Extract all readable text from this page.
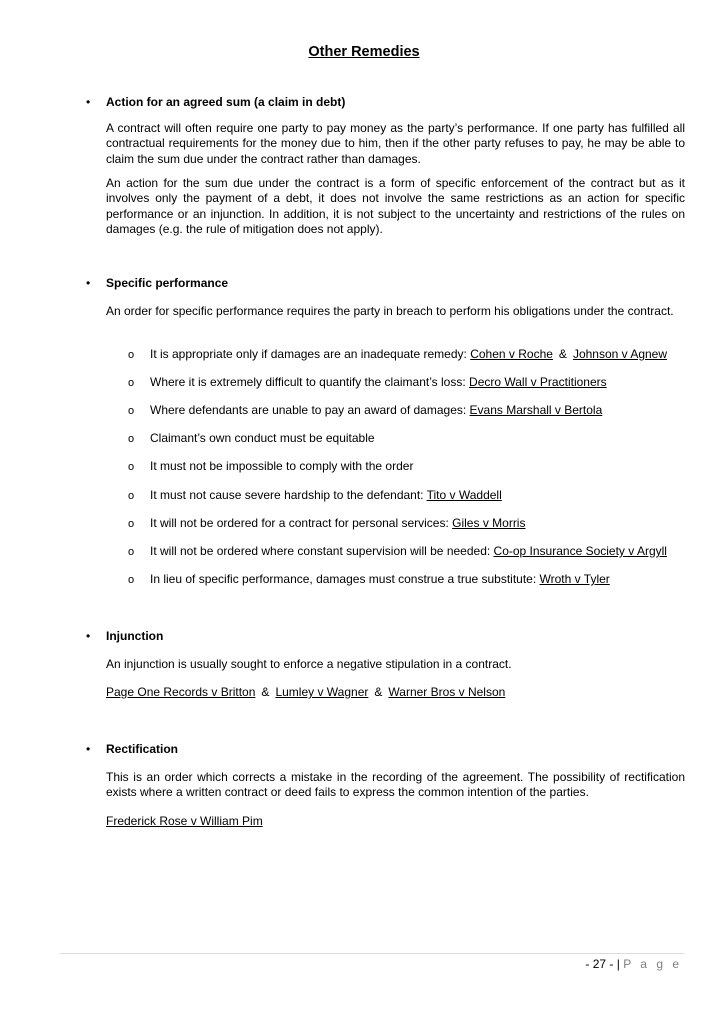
Other Remedies
• Action for an agreed sum (a claim in debt)

A contract will often require one party to pay money as the party’s performance. If one party has fulfilled all contractual requirements for the money due to him, then if the other party refuses to pay, he may be able to claim the sum due under the contract rather than damages.

An action for the sum due under the contract is a form of specific enforcement of the contract but as it involves only the payment of a debt, it does not involve the same restrictions as an action for specific performance or an injunction. In addition, it is not subject to the uncertainty and restrictions of the rules on damages (e.g. the rule of mitigation does not apply).

• Specific performance

An order for specific performance requires the party in breach to perform his obligations under the contract.

o It is appropriate only if damages are an inadequate remedy: Cohen v Roche & Johnson v Agnew
o Where it is extremely difficult to quantify the claimant’s loss: Decro Wall v Practitioners
o Where defendants are unable to pay an award of damages: Evans Marshall v Bertola
o Claimant’s own conduct must be equitable
o It must not be impossible to comply with the order
o It must not cause severe hardship to the defendant: Tito v Waddell
o It will not be ordered for a contract for personal services: Giles v Morris
o It will not be ordered where constant supervision will be needed: Co-op Insurance Society v Argyll
o In lieu of specific performance, damages must construe a true substitute: Wroth v Tyler
• Injunction

An injunction is usually sought to enforce a negative stipulation in a contract.

Page One Records v Britton & Lumley v Wagner & Warner Bros v Nelson
• Rectification

This is an order which corrects a mistake in the recording of the agreement. The possibility of rectification exists where a written contract or deed fails to express the common intention of the parties.

Frederick Rose v William Pim
- 27 - | P a g e
